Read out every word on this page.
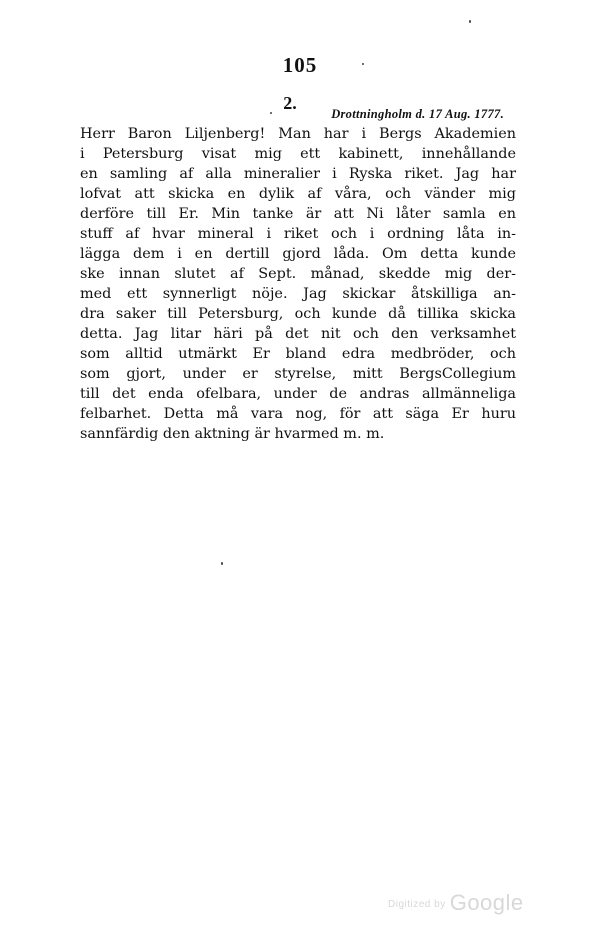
105
2.
Drottningholm d. 17 Aug. 1777.
Herr Baron Liljenberg! Man har i Bergs Akademien
i Petersburg visat mig ett kabinett, innehållande
en samling af alla mineralier i Ryska riket. Jag har
lofvat att skicka en dylik af våra, och vänder mig
derföre till Er. Min tanke är att Ni låter samla en
stuff af hvar mineral i riket och i ordning låta in-
lägga dem i en dertill gjord låda. Om detta kunde
ske innan slutet af Sept. månad, skedde mig der-
med ett synnerligt nöje. Jag skickar åtskilliga an-
dra saker till Petersburg, och kunde då tillika skicka
detta. Jag litar häri på det nit och den verksamhet
som alltid utmärkt Er bland edra medbröder, och
som gjort, under er styrelse, mitt BergsCollegium
till det enda ofelbara, under de andras allmänneliga
felbarhet. Detta må vara nog, för att säga Er huru
sannfärdig den aktning är hvarmed m. m.
Digitized by Google
